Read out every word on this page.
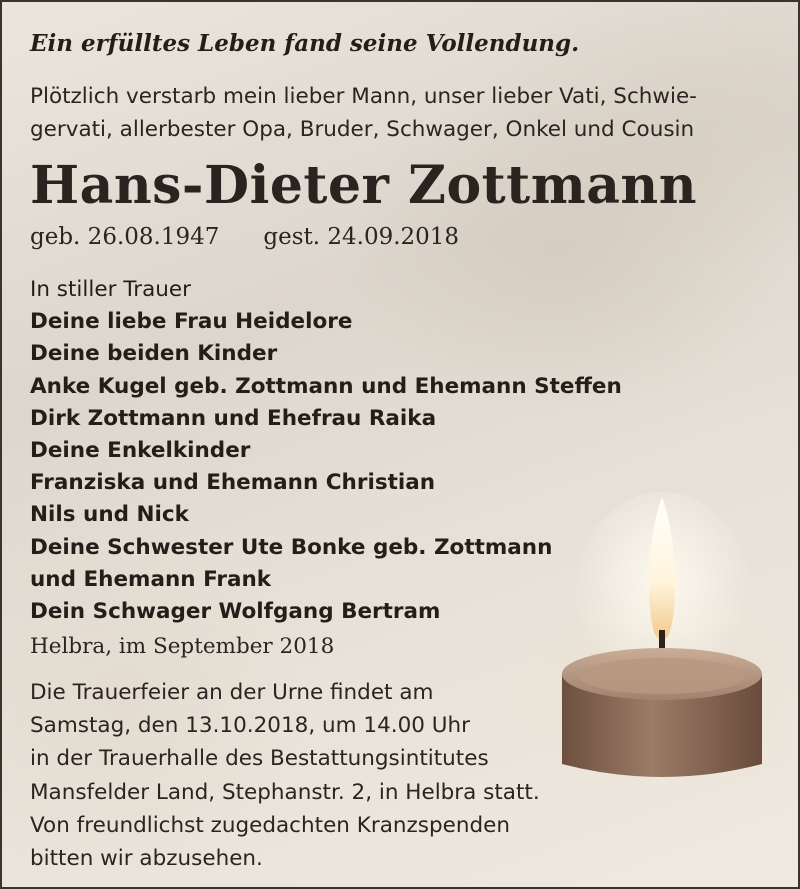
Ein erfülltes Leben fand seine Vollendung.

Plötzlich verstarb mein lieber Mann, unser lieber Vati, Schwie-
gervati, allerbester Opa, Bruder, Schwager, Onkel und Cousin
Hans-Dieter Zottmann
geb. 26.08.1947 gest. 24.09.2018
In stiller Trauer
Deine liebe Frau Heidelore
Deine beiden Kinder
Anke Kugel geb. Zottmann und Ehemann Steffen
Dirk Zottmann und Ehefrau Raika
Deine Enkelkinder
Franziska und Ehemann Christian
Nils und Nick
Deine Schwester Ute Bonke geb. Zottmann
und Ehemann Frank
Dein Schwager Wolfgang Bertram

Helbra, im September 2018

Die Trauerfeier an der Urne findet am
Samstag, den 13.10.2018, um 14.00 Uhr
in der Trauerhalle des Bestattungsintitutes
Mansfelder Land, Stephanstr. 2, in Helbra statt.
Von freundlichst zugedachten Kranzspenden
bitten wir abzusehen.
